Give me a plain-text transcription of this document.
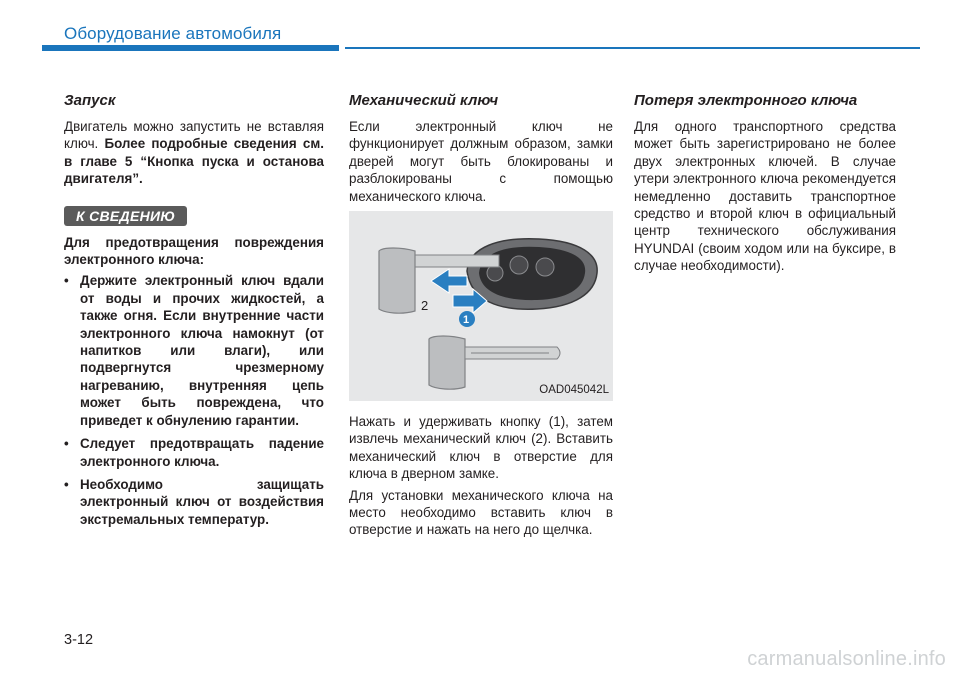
Оборудование автомобиля
Запуск

Двигатель можно запустить не вставляя ключ. Более подробные сведения см. в главе 5 “Кнопка пуска и останова двигателя”.

К СВЕДЕНИЮ

Для предотвращения повреждения электронного ключа:

• Держите электронный ключ вдали от воды и прочих жидкостей, а также огня. Если внутренние части электронного ключа намокнут (от напитков или влаги), или подвергнутся чрезмерному нагреванию, внутренняя цепь может быть повреждена, что приведет к обнулению гарантии.
• Следует предотвращать падение электронного ключа.
• Необходимо защищать электронный ключ от воздействия экстремальных температур.
Механический ключ

Если электронный ключ не функционирует должным образом, замки дверей могут быть блокированы и разблокированы с помощью механического ключа.

1
2
OAD045042L

Нажать и удерживать кнопку (1), затем извлечь механический ключ (2). Вставить механический ключ в отверстие для ключа в дверном замке.

Для установки механического ключа на место необходимо вставить ключ в отверстие и нажать на него до щелчка.

Потеря электронного ключа

Для одного транспортного средства может быть зарегистрировано не более двух электронных ключей. В случае утери электронного ключа рекомендуется немедленно доставить транспортное средство и второй ключ в официальный центр технического обслуживания HYUNDAI (своим ходом или на буксире, в случае необходимости).

3-12
carmanualsonline.info
